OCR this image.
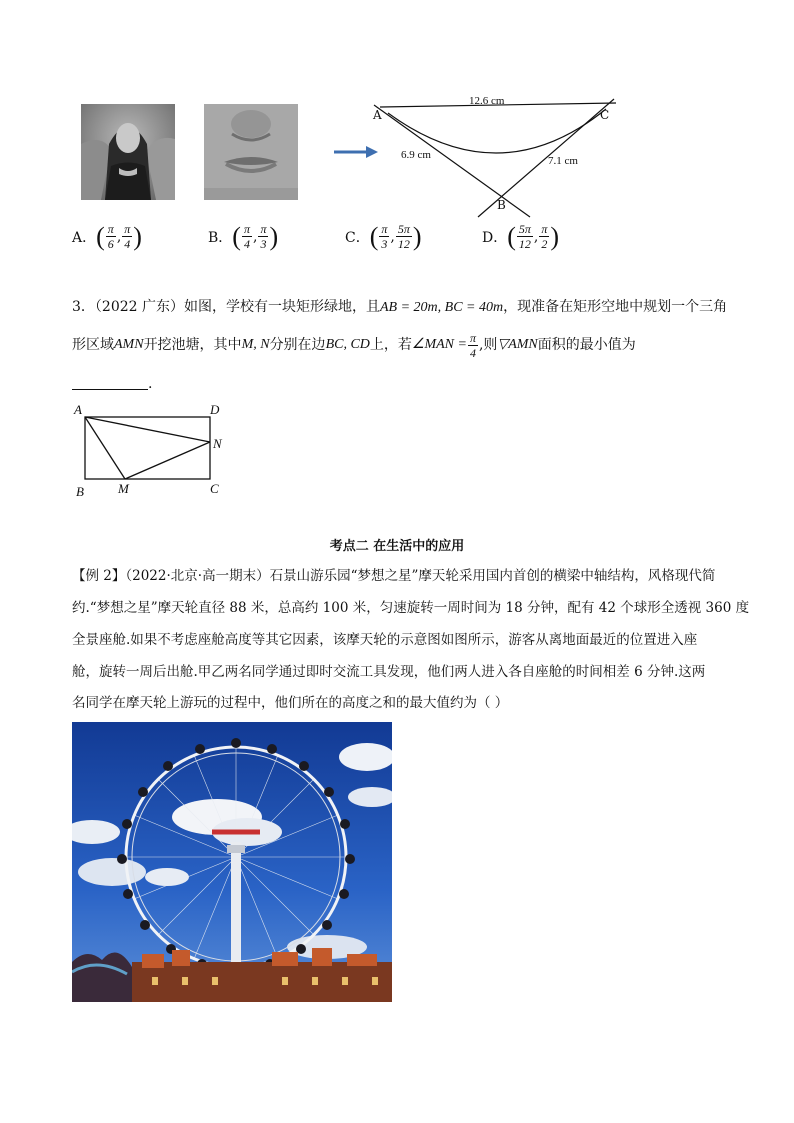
12.6 cm
6.9 cm	7.1 cm
A	C
B
A． ( $\frac{\pi}{6}$ , $\frac{\pi}{4}$ )	B． ( $\frac{\pi}{4}$ , $\frac{\pi}{3}$ )	C． ( $\frac{\pi}{3}$ , $\frac{5\pi}{12}$ )	D． ( $\frac{5\pi}{12}$ , $\frac{\pi}{2}$ )
3．（2022 广东）如图，学校有一块矩形绿地，且AB = 20m, BC = 40m，现准备在矩形空地中规划一个三角
形区域 AMN 开挖池塘，其中 M, N 分别在边 BC, CD 上，若 ∠MAN = $\frac{\pi}{4}$ ,则 ▽AMN 面积的最小值为
.
A	D
N
B	M	C
考点二 在生活中的应用
【例 2】（2022·北京·高一期末）石景山游乐园“梦想之星”摩天轮采用国内首创的横梁中轴结构，风格现代简
约.“梦想之星”摩天轮直径 88 米，总高约 100 米，匀速旋转一周时间为 18 分钟，配有 42 个球形全透视 360 度
全景座舱.如果不考虑座舱高度等其它因素，该摩天轮的示意图如图所示，游客从离地面最近的位置进入座
舱，旋转一周后出舱.甲乙两名同学通过即时交流工具发现，他们两人进入各自座舱的时间相差 6 分钟.这两
名同学在摩天轮上游玩的过程中，他们所在的高度之和的最大值约为（ ）
